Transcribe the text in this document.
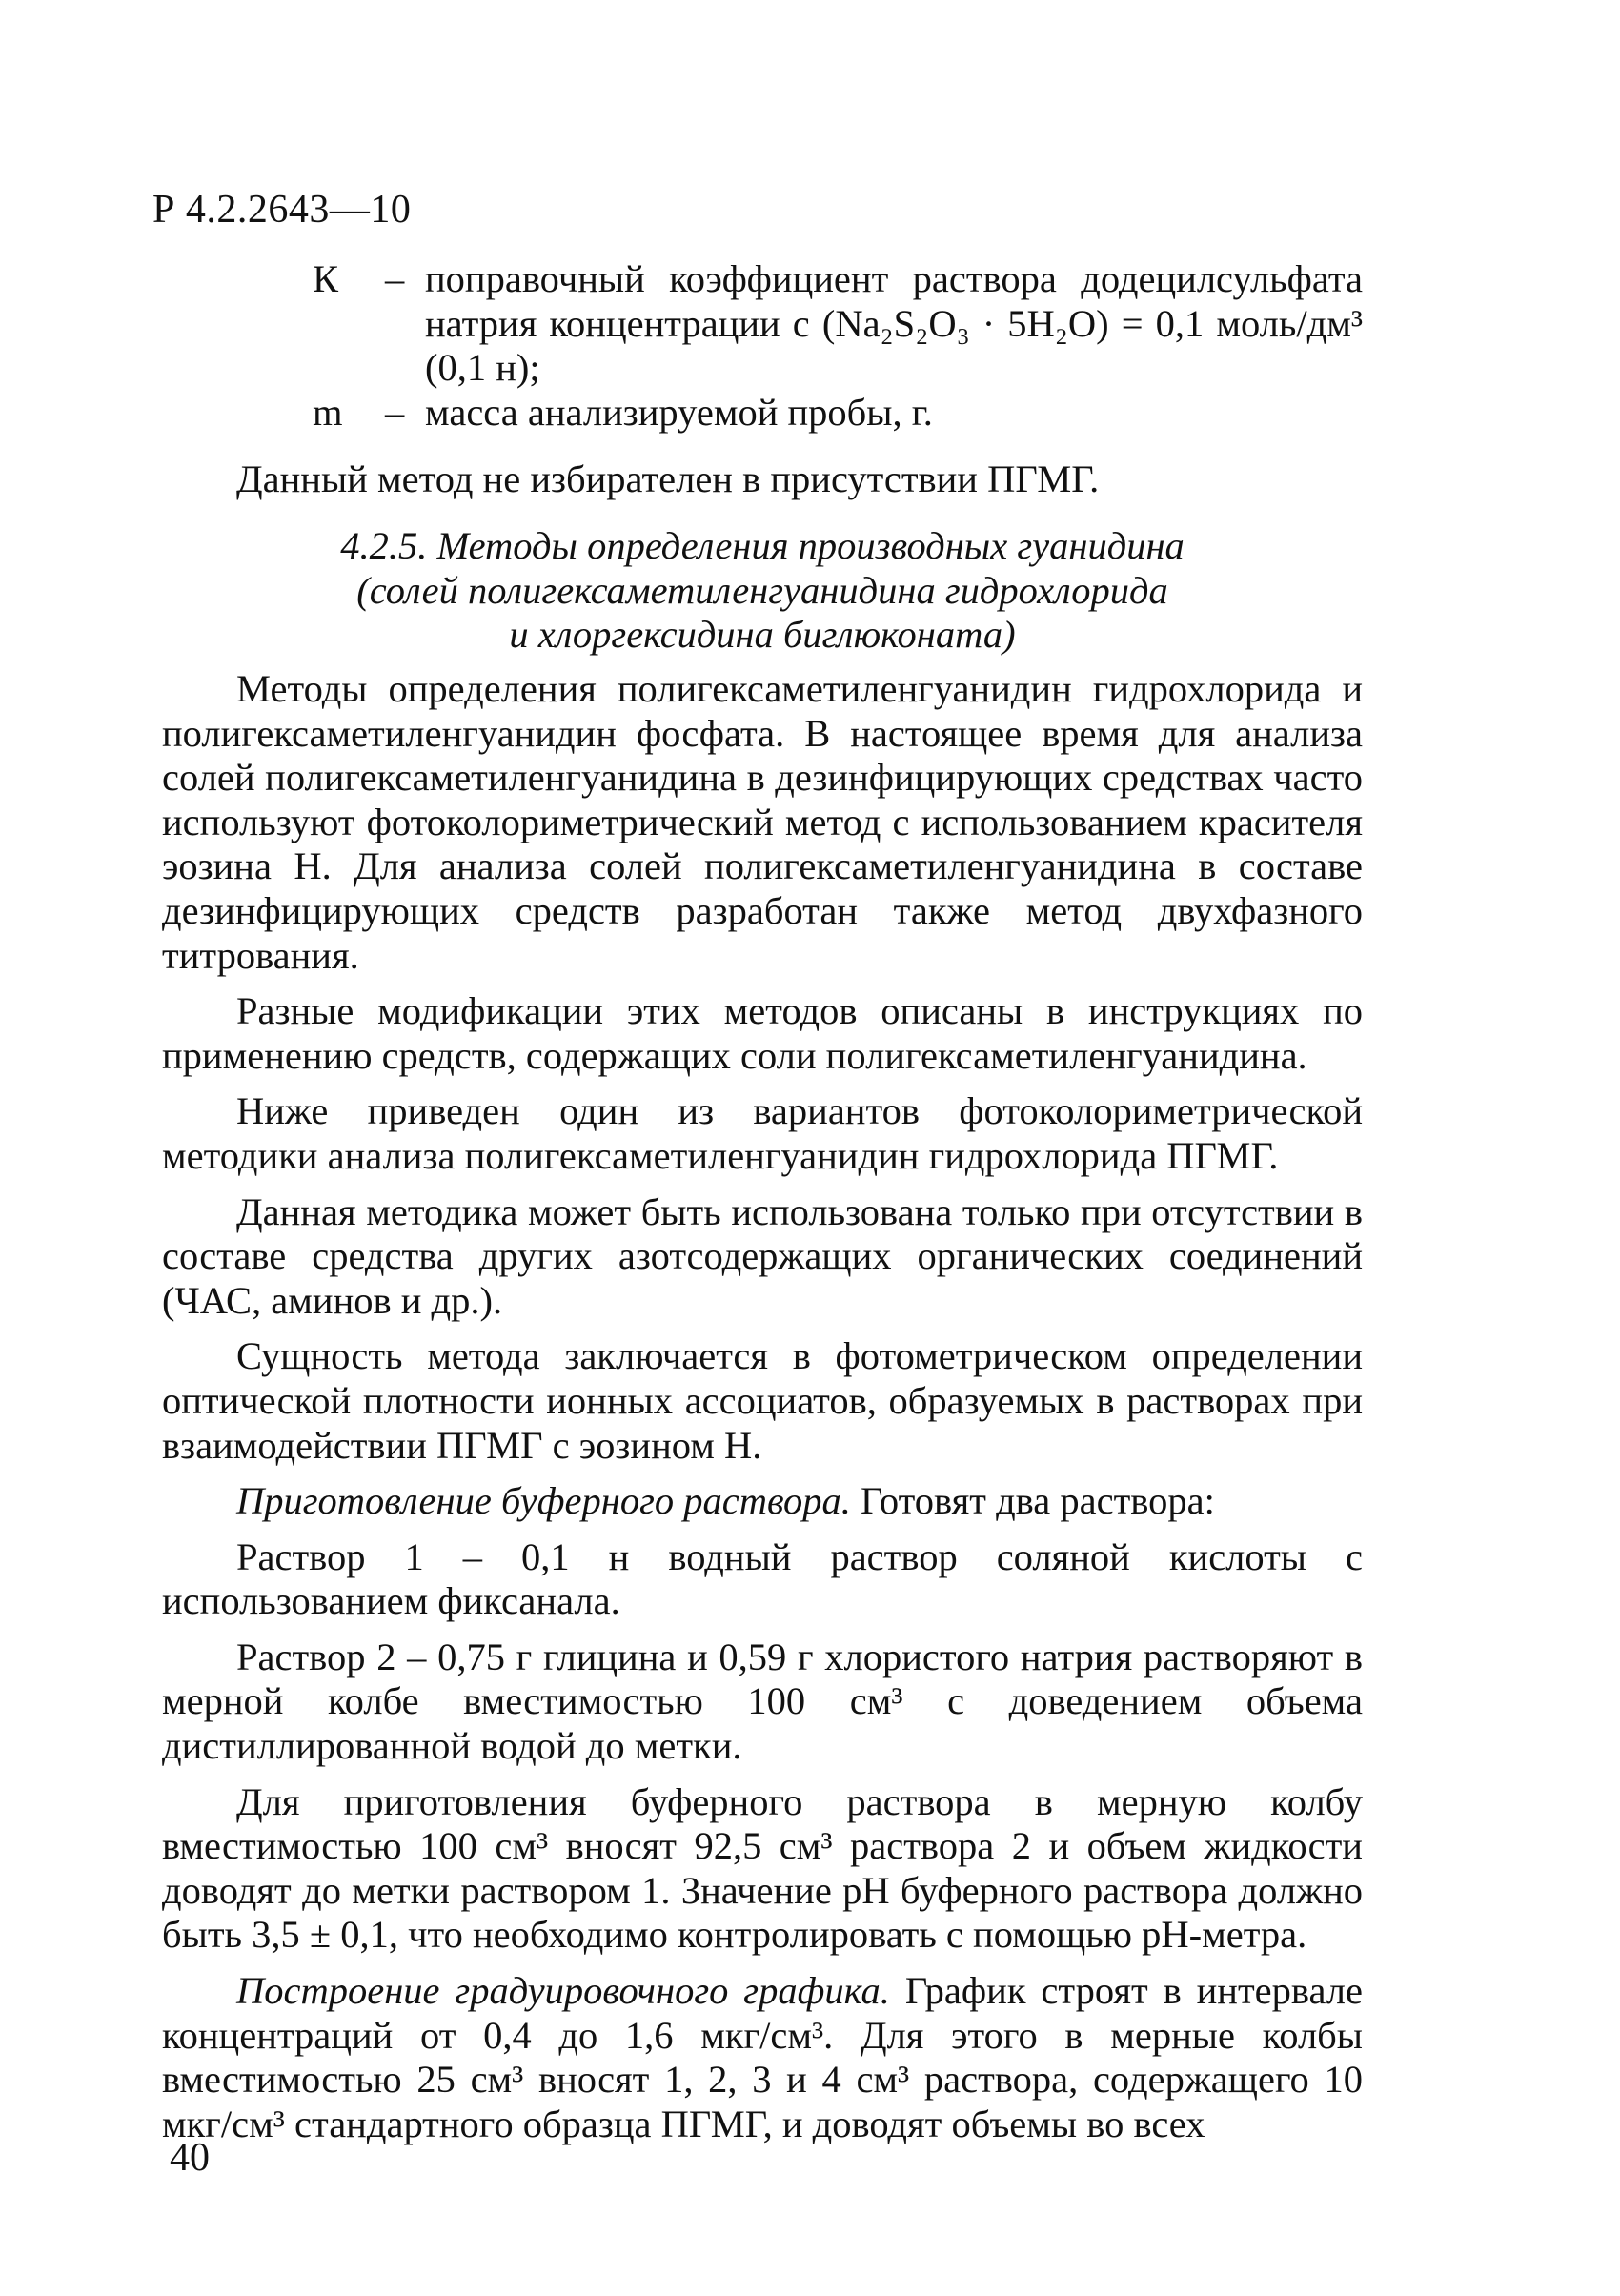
Р 4.2.2643—10
К – поправочный коэффициент раствора додецилсульфата натрия концентрации с (Na₂S₂O₃ · 5H₂O) = 0,1 моль/дм³ (0,1 н);
m – масса анализируемой пробы, г.

Данный метод не избирателен в присутствии ПГМГ.

4.2.5. Методы определения производных гуанидина

(солей полигексаметиленгуанидина гидрохлорида

и хлоргексидина биглюконата)

Методы определения полигексаметиленгуанидин гидрохлорида и полигексаметиленгуанидин фосфата. В настоящее время для анализа солей полигексаметиленгуанидина в дезинфицирующих средствах часто используют фотоколориметрический метод с использованием красителя эозина Н. Для анализа солей полигексаметиленгуанидина в составе дезинфицирующих средств разработан также метод двухфазного титрования.

Разные модификации этих методов описаны в инструкциях по применению средств, содержащих соли полигексаметиленгуанидина.

Ниже приведен один из вариантов фотоколориметрической методики анализа полигексаметиленгуанидин гидрохлорида ПГМГ.

Данная методика может быть использована только при отсутствии в составе средства других азотсодержащих органических соединений (ЧАС, аминов и др.).

Сущность метода заключается в фотометрическом определении оптической плотности ионных ассоциатов, образуемых в растворах при взаимодействии ПГМГ с эозином Н.

Приготовление буферного раствора. Готовят два раствора:

Раствор 1 – 0,1 н водный раствор соляной кислоты с использованием фиксанала.

Раствор 2 – 0,75 г глицина и 0,59 г хлористого натрия растворяют в мерной колбе вместимостью 100 см³ с доведением объема дистиллированной водой до метки.

Для приготовления буферного раствора в мерную колбу вместимостью 100 см³ вносят 92,5 см³ раствора 2 и объем жидкости доводят до метки раствором 1. Значение pH буферного раствора должно быть 3,5 ± 0,1, что необходимо контролировать с помощью pH-метра.

Построение градуировочного графика. График строят в интервале концентраций от 0,4 до 1,6 мкг/см³. Для этого в мерные колбы вместимостью 25 см³ вносят 1, 2, 3 и 4 см³ раствора, содержащего 10 мкг/см³ стандартного образца ПГМГ, и доводят объемы во всех

40
